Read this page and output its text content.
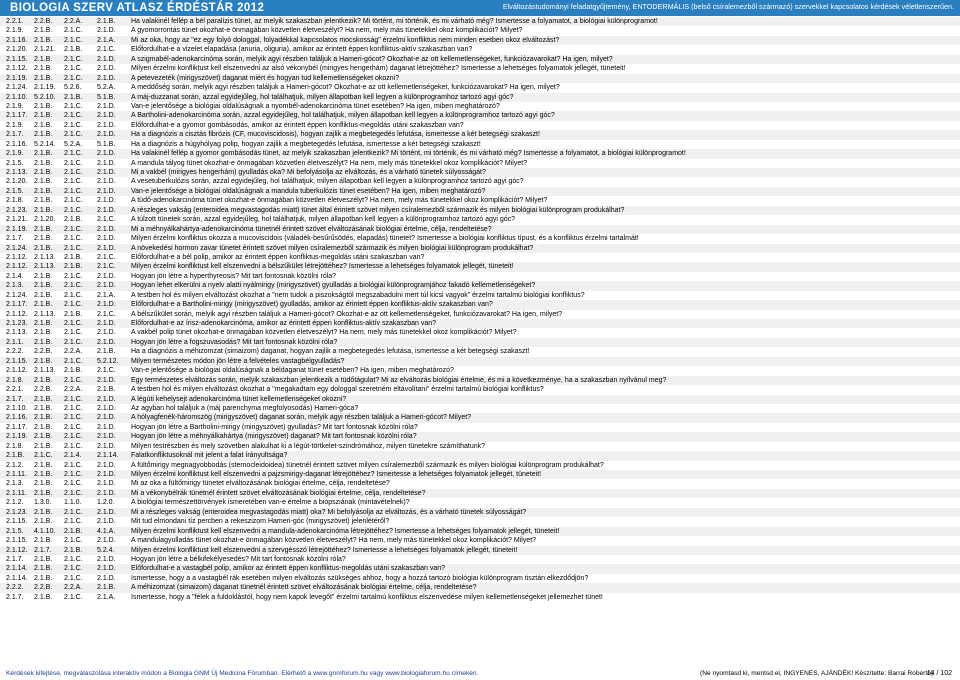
BIOLOGIA SZERV ATLASZ ÉRDÉSTÁR 2012	Elváltozástudományi feladatgyűjtemény, ENTODERMÁLIS (belső csíralemezből származó) szervekkel kapcsolatos kérdések véletlenszerűen.
2.2.1.	2.2.B.	2.2.A.	2.1.B.	Ha valakinél fellép a bél paralízis tünet, az melyik szakaszban jelentkezik? Mi történt, mi történik, és mi várható még? Ismertesse a folyamatot, a biológiai különprogramot!
2.1.9.	2.1.B.	2.1.C.	2.1.D.	A gyomorrontás tünet okozhat-e önmagában közvetlen életveszélyt? Ha nem, mely más tünetekkel okoz komplikációt? Milyet?
2.1.16. 2.1.B.	2.1.C.	2.1.A.	Mi az oka, hogy az "ez egy folyó dologgal, folyadékkal kapcsolatos mocskosság" érzelmi konfliktus nem minden esetben okoz elváltozást?
2.1.20. 2.1.21.	2.1.B.	2.1.C.	Előfordulhat-e a vizelet elapadása (anuria, oliguria), amikor az érintett éppen konfliktus-aktív szakaszban van?
2.1.15. 2.1.B.	2.1.C.	2.1.D.	A szigmabél-adenokarcinóma során, melyik agyi részben találjuk a Hameri-gócot? Okozhat-e az ott kellemetlenségeket, funkciózavarokat? Ha igen, milyet?
2.1.12. 2.1.B.	2.1.C.	2.1.D.	Milyen érzelmi konfliktust kell elszenvedni az alsó vékonybél (mirigyes hengerhám) daganat létrejöttéhez? Ismertesse a lehetséges folyamatok jellegét, tüneteit!
2.1.19. 2.1.B.	2.1.C.	2.1.D.	A petevezeték (mirigyszövet) daganat miért és hogyan tud kellemetlenségeket okozni?
2.1.24. 2.1.19.	5.2.6.	5.2.A.	A meddőség során, melyik agyi részben találjuk a Hameri-gócot? Okozhat-e az ott kellemetlenségeket, funkciózavarokat? Ha igen, milyet?
2.1.10. 5.2.10.	2.1.B.	5.1.B.	A máj-duzzanat során, azzal egyidejűleg, hol találhatjuk, milyen állapotban kell legyen a különprogramhoz tartozó agyi góc?
2.1.9.	2.1.B.	2.1.C.	2.1.D.	Van-e jelentősége a biológiai oldalúságnak a nyombél-adenokarcinóma tünet esetében? Ha igen, miben meghatározó?
2.1.17. 2.1.B.	2.1.C.	2.1.D.	A Bartholini-adenokarcinóma során, azzal egyidejűleg, hol találhatjuk, milyen állapotban kell legyen a különprogramhoz tartozó agyi góc?
2.1.9.	2.1.B.	2.1.C.	2.1.D.	Előfordulhat-e a gyomor gombásodás, amikor az érintett éppen konfliktus-megoldás utáni szakaszban van?
2.1.7.	2.1.B.	2.1.C.	2.1.D.	Ha a diagnózis a cisztás fibrózis (CF, mucoviscidosis), hogyan zajlik a megbetegedés lefutása, ismertesse a két betegségi szakaszt!
2.1.16. 5.2.14.	5.2.A.	5.1.B.	Ha a diagnózis a húgyhólyag polip, hogyan zajlik a megbetegedés lefutása, ismertesse a két betegségi szakaszt!
2.1.9.	2.1.B.	2.1.C.	2.1.D.	Ha valakinél fellép a gyomor gombásodás tünet, az melyik szakaszban jelentkezik? Mi történt, mi történik, és mi várható még? Ismertesse a folyamatot, a biológiai különprogramot!
2.1.5.	2.1.B.	2.1.C.	2.1.D.	A mandula tályog tünet okozhat-e önmagában közvetlen életveszélyt? Ha nem, mely más tünetekkel okoz komplikációt? Milyet?
2.1.13. 2.1.B.	2.1.C.	2.1.D.	Mi a vakbél (mirigyes hengerhám) gyulladás oka? Mi befolyásolja az elváltozás, és a várható tünetek súlyosságát?
2.1.20. 2.1.B.	2.1.C.	2.1.D.	A vesetuberkulózis során, azzal egyidejűleg, hol találhatjuk, milyen állapotban kell legyen a különprogramhoz tartozó agyi góc?
2.1.5.	2.1.B.	2.1.C.	2.1.D.	Van-e jelentősége a biológiai oldalúságnak a mandula tuberkulózis tünet esetében? Ha igen, miben meghatározó?
2.1.8.	2.1.B.	2.1.C.	2.1.D.	A tüdő-adenokarcinóma tünet okozhat-e önmagában közvetlen életveszélyt? Ha nem, mely más tünetekkel okoz komplikációt? Milyet?
2.1.23. 2.1.B.	2.1.C.	2.1.D.	A részleges vakság (enteroidea megvastagodás miatt) tünet által érintett szövet milyen csíralemezből származik és milyen biológiai különprogram produkálhat?
2.1.21. 2.1.20.	2.1.B.	2.1.C.	A túlzott tünetek során, azzal egyidejűleg, hol találhatjuk, milyen állapotban kell legyen a különprogramhoz tartozó agyi góc?
2.1.19. 2.1.B.	2.1.C.	2.1.D.	Mi a méhnyálkahártya-adenokarcinóma tünetnél érintett szövet elváltozásának biológiai értelme, célja, rendeltetése?
2.1.7.	2.1.B.	2.1.C.	2.1.D.	Milyen érzelmi konfliktus okozza a mucoviscidois (váladék-besűrűsödés, elapadás) tünetet? Ismertesse a biológiai konfliktus típust, és a konfliktus érzelmi tartalmát!
2.1.24. 2.1.B.	2.1.C.	2.1.D.	A növekedési hormon zavar tünetet érintett szövet milyen csíralemezből származik és milyen biológiai különprogram produkálhat?
2.1.12. 2.1.13.	2.1.B.	2.1.C.	Előfordulhat-e a bél polip, amikor az érintett éppen konfliktus-megoldás utáni szakaszban van?
2.1.12. 2.1.13.	2.1.B.	2.1.C.	Milyen érzelmi konfliktust kell elszenvedni a bélszűkület létrejöttéhez? Ismertesse a lehetséges folyamatok jellegét, tüneteit!
2.1.4.	2.1.B.	2.1.C.	2.1.D.	Hogyan jön létre a hyperthyreosis? Mit tart fontosnak közölni róla?
2.1.3.	2.1.B.	2.1.C.	2.1.D.	Hogyan lehet elkerülni a nyelv alatti nyálmirigy (mirigyszövet) gyulladás a biológiai különprogramjához fakadó kellemetlenségeket?
2.1.24. 2.1.B.	2.1.C.	2.1.A.	A testben hol és milyen elváltozást okozhat a "nem tudok a piszokságtól megszabadulni mert túl kicsi vagyok" érzelmi tartalmú biológiai konfliktus?
2.1.17. 2.1.B.	2.1.C.	2.1.D.	Előfordulhat-e a Bartholini-mirigy (mirigyszövet) gyulladás, amikor az érintett éppen konfliktus-aktív szakaszban van?
2.1.12. 2.1.13.	2.1.B.	2.1.C.	A bélszűkület során, melyik agyi részben találjuk a Hameri-gócot? Okozhat-e az ott kellemetlenségeket, funkciózavarokat? Ha igen, milyet?
2.1.23. 2.1.B.	2.1.C.	2.1.D.	Előfordulhat-e az írisz-adenokarcinóma, amikor az érintett éppen konfliktus-aktív szakaszban van?
2.1.13. 2.1.B.	2.1.C.	2.1.D.	A vakbél polip tünet okozhat-e önmagában közvetlen életveszélyt? Ha nem, mely más tünetekkel okoz komplikációt? Milyet?
2.1.1.	2.1.B.	2.1.C.	2.1.D.	Hogyan jön létre a fogszuvasodás? Mit tart fontosnak közölni róla?
2.2.2.	2.2.B.	2.2.A.	2.1.B.	Ha a diagnózis a méhizomzat (simaizom) daganat, hogyan zajlik a megbetegedés lefutása, ismertesse a két betegségi szakaszt!
2.1.15. 2.1.B.	2.1.C.	5.2.12.	Milyen természetes módon jön létre a felvételes vastagbélgyulladás?
2.1.12. 2.1.13.	2.1.B.	2.1.C.	Van-e jelentősége a biológiai oldalúságnak a béldaganat tünet esetében? Ha igen, miben meghatározó?
2.1.8.	2.1.B.	2.1.C.	2.1.D.	Egy természetes elváltozás során, melyik szakaszban jelentkezik a tüdőtágulat? Mi az elváltozás biológiai értelme, és mi a következménye, ha a szakaszban nyílvánul meg?
2.2.1.	2.2.B.	2.2.A.	2.1.B.	A testben hol és milyen elváltozást okozhat a "megakadtam egy dologgal szeretném eltávolítani" érzelmi tartalmú biológiai konfliktus?
2.1.7.	2.1.B.	2.1.C.	2.1.D.	A légúti kehelysejt adenokarcinóma tünet kellemetlenségeket okozni?
2.1.10. 2.1.B.	2.1.C.	2.1.D.	Az agyban hol találjuk a (máj parenchyma megfolyosodás) Hameri-góca?
2.1.16. 2.1.B.	2.1.C.	2.1.D.	A hólyagfenék-háromszög (mirigyszövet) daganat során, melyik agyi részben találjuk a Hameri-gócot? Milyet?
2.1.17. 2.1.B.	2.1.C.	2.1.D.	Hogyan jön létre a Bartholini-mirigy (mirigyszövet) gyulladás? Mit tart fontosnak közölni róla?
2.1.19. 2.1.B.	2.1.C.	2.1.D.	Hogyan jön létre a méhnyálkahártya (mirigyszövet) daganat? Mit tart fontosnak közölni róla?
2.1.8.	2.1.B.	2.1.C.	2.1.D.	Milyen testrészben és mely szövetben alakulhat ki a légút-törtkelet-szindrómához, milyen tünetekre számíthatunk?
2.1.B.	2.1.C.	2.1.4.	2.1.14.	Falatkonfliktusoknál mit jelent a falat írányultsága?
2.1.2.	2.1.B.	2.1.C.	2.1.D.	A fültőmirigy megnagyobbodás (sternocleidoidea) tünetnél érintett szövet milyen csíralemezből származik és milyen biológiai különprogram produkálhat?
2.1.11.	2.1.B.	2.1.C.	2.1.D.	Milyen érzelmi konfliktust kell elszenvedni a pajzsmirigy-daganat létrejöttéhez? Ismertesse a lehetséges folyamatok jellegét, tüneteit!
2.1.3.	2.1.B.	2.1.C.	2.1.D.	Mi az oka a fültőmirigy tünetet elváltozásának biológiai értelme, célja, rendeltetése?
2.1.11.	2.1.B.	2.1.C.	2.1.D.	Mi a vékonybélrák tünetnél érintett szövet elváltozásának biológiai értelme, célja, rendeltetése?
2.1.2.	1.3.0.	1.1.0.	1.2.0.	A biológiai természettörvények ismeretében van-e értelme a biopsziának (mintavételnek)?
2.1.23. 2.1.B.	2.1.C.	2.1.D.	Mi a részleges vakság (enteroidea megvastagodás miatt) oka? Mi befolyásolja az elváltozás, és a várható tünetek súlyosságát?
2.1.15. 2.1.B.	2.1.C.	2.1.D.	Mit tud elmondani tíz percben a rekeszizom Hameri-góc (mirigyszövet) jelenlétéről?
2.1.5.	4.1.10.	2.1.B.	4.1.A.	Milyen érzelmi konfliktust kell elszenvedni a mandula-adenokarcinóma létrejöttéhez? Ismertesse a lehetséges folyamatok jellegét, tüneteit!
2.1.15. 2.1.B.	2.1.C.	2.1.D.	A mandulagyulladás tünet okozhat-e önmagában közvetlen életveszélyt? Ha nem, mely más tünetekkel okoz komplikációt? Milyet?
2.1.12. 2.1.7.	2.1.B.	5.2.4.	Milyen érzelmi konfliktust kell elszenvedni a szervgésszó létrejöttéhez? Ismertesse a lehetséges folyamatok jellegét, tüneteit!
2.1.7.	2.1.B.	2.1.C.	2.1.D.	Hogyan jön létre a bélkifekélyesedés? Mit tart fontosnak közölni róla?
2.1.14. 2.1.B.	2.1.C.	2.1.D.	Előfordulhat-e a vastagbél polip, amikor az érintett éppen konfliktus-megoldás utáni szakaszban van?
2.1.14. 2.1.B.	2.1.C.	2.1.D.	Ismertesse, hogy a a vastagbél rák esetében milyen elváltozás szükséges ahhoz, hogy a hozzá tartozó biológiai különprogram tisztán elkezdődjön?
2.2.2.	2.2.B.	2.2.A.	2.1.B.	A méhizomzat (simaizom) daganat tünetnél érintett szövet elváltozásának biológiai értelme, célja, rendeltetése?
2.1.7.	2.1.B.	2.1.C.	2.1.A.	Ismertesse, hogy a "félek a fuldoklástól, hogy nem kapok levegőt" érzelmi tartalmú konfliktus elszenvedése milyen kellemetlenségeket jellemezhet tünet!
Kérdések kifejtése, megválaszolása interaktív módon a Biológia GNM Új Medicina Fórumban. Elérhető a www.gnmforum.hu vagy www.biologiaforum.hu címeken.	(Ne nyomtasd ki, mentsd el, INGYENES, AJÁNDÉK! Készítette: Barrai Roberto)
14 / 102
